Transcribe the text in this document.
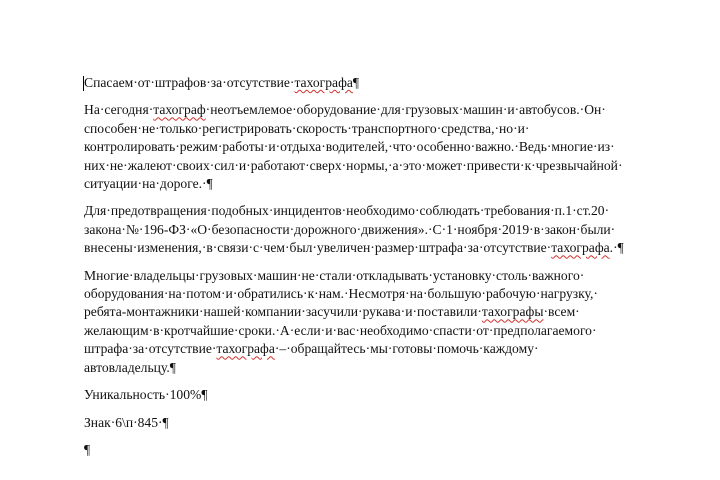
Спасаем·от·штрафов·за·отсутствие·тахографа¶
На·сегодня·тахограф·неотъемлемое·оборудование·для·грузовых·машин·и·автобусов.·Он·
способен·не·только·регистрировать·скорость·транспортного·средства,·но·и·
контролировать·режим·работы·и·отдыха·водителей,·что·особенно·важно.·Ведь·многие·из·
них·не·жалеют·своих·сил·и·работают·сверх·нормы,·а·это·может·привести·к·чрезвычайной·
ситуации·на·дороге.·¶
Для·предотвращения·подобных·инцидентов·необходимо·соблюдать·требования·п.1·ст.20·
закона·№·196-ФЗ·«О·безопасности·дорожного·движения».·С·1·ноября·2019·в·закон·были·
внесены·изменения,·в·связи·с·чем·был·увеличен·размер·штрафа·за·отсутствие·тахографа.·¶
Многие·владельцы·грузовых·машин·не·стали·откладывать·установку·столь·важного·
оборудования·на·потом·и·обратились·к·нам.·Несмотря·на·большую·рабочую·нагрузку,·
ребята-монтажники·нашей·компании·засучили·рукава·и·поставили·тахографы·всем·
желающим·в·кротчайшие·сроки.·А·если·и·вас·необходимо·спасти·от·предполагаемого·
штрафа·за·отсутствие·тахографа·–·обращайтесь·мы·готовы·помочь·каждому·
автовладельцу.¶
Уникальность·100%¶
Знак·6\п·845·¶
¶
